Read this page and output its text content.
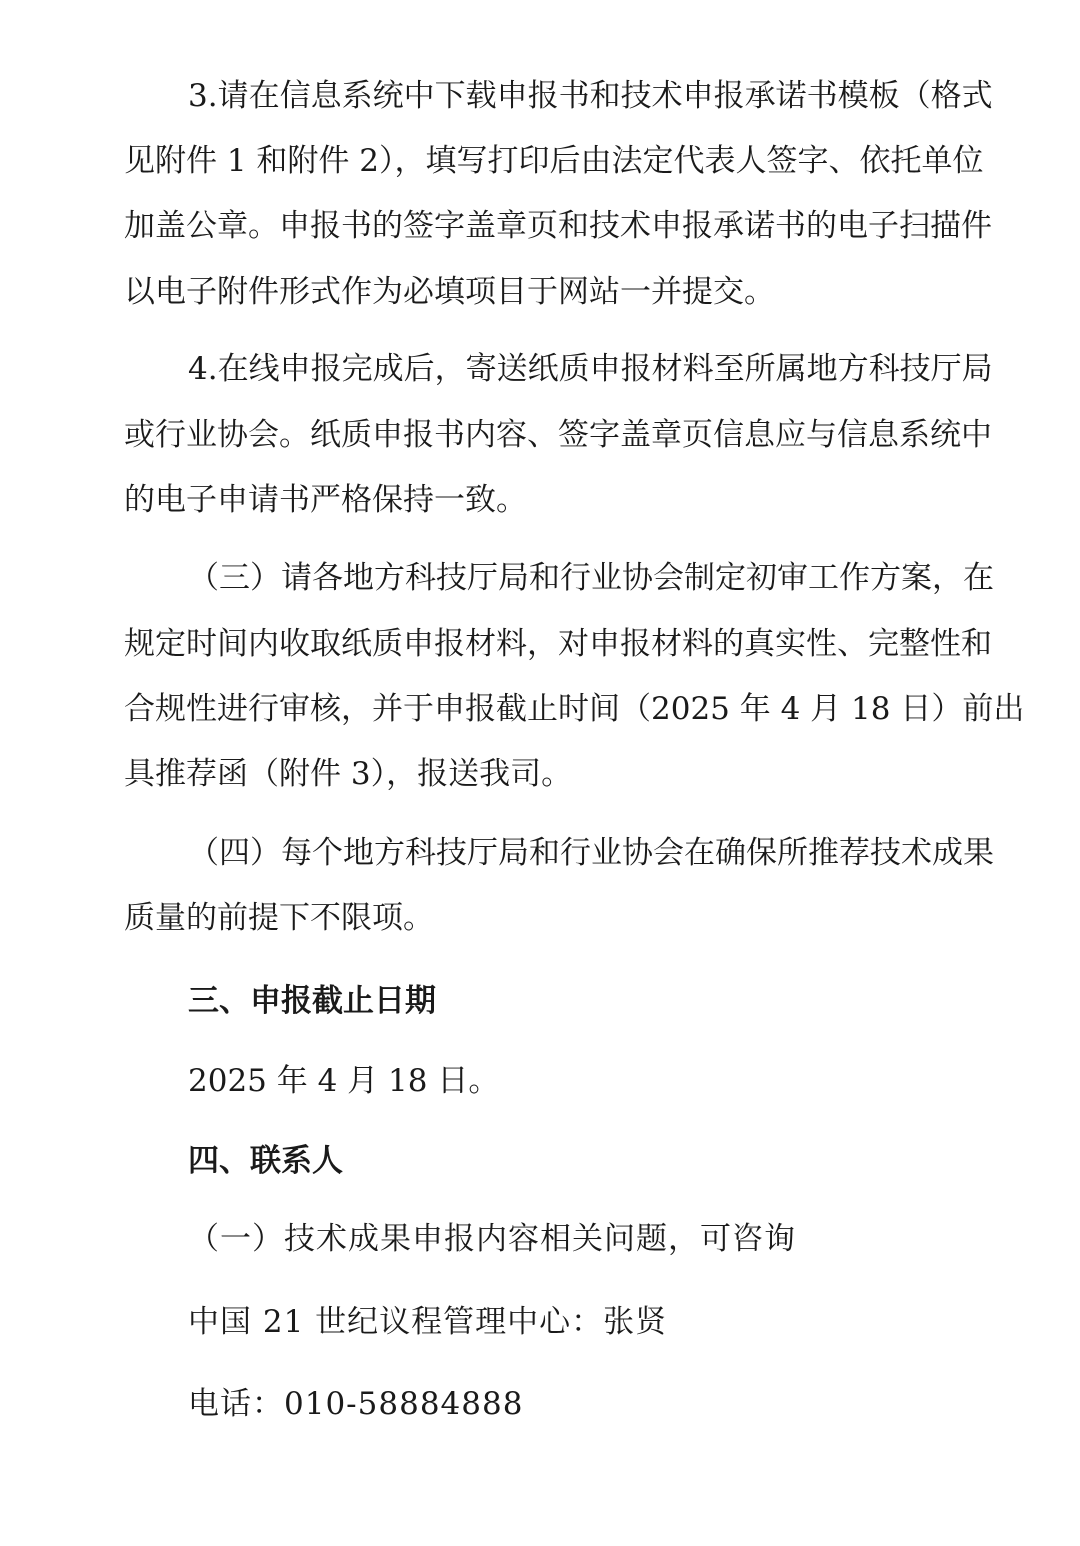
3.请在信息系统中下载申报书和技术申报承诺书模板（格式
见附件 1 和附件 2），填写打印后由法定代表人签字、依托单位
加盖公章。申报书的签字盖章页和技术申报承诺书的电子扫描件
以电子附件形式作为必填项目于网站一并提交。
4.在线申报完成后，寄送纸质申报材料至所属地方科技厅局
或行业协会。纸质申报书内容、签字盖章页信息应与信息系统中
的电子申请书严格保持一致。
（三）请各地方科技厅局和行业协会制定初审工作方案，在
规定时间内收取纸质申报材料，对申报材料的真实性、完整性和
合规性进行审核，并于申报截止时间（2025 年 4 月 18 日）前出
具推荐函（附件 3），报送我司。
（四）每个地方科技厅局和行业协会在确保所推荐技术成果
质量的前提下不限项。
三、申报截止日期
2025 年 4 月 18 日。
四、联系人
（一）技术成果申报内容相关问题，可咨询
中国 21 世纪议程管理中心：张贤
电话：010-58884888
